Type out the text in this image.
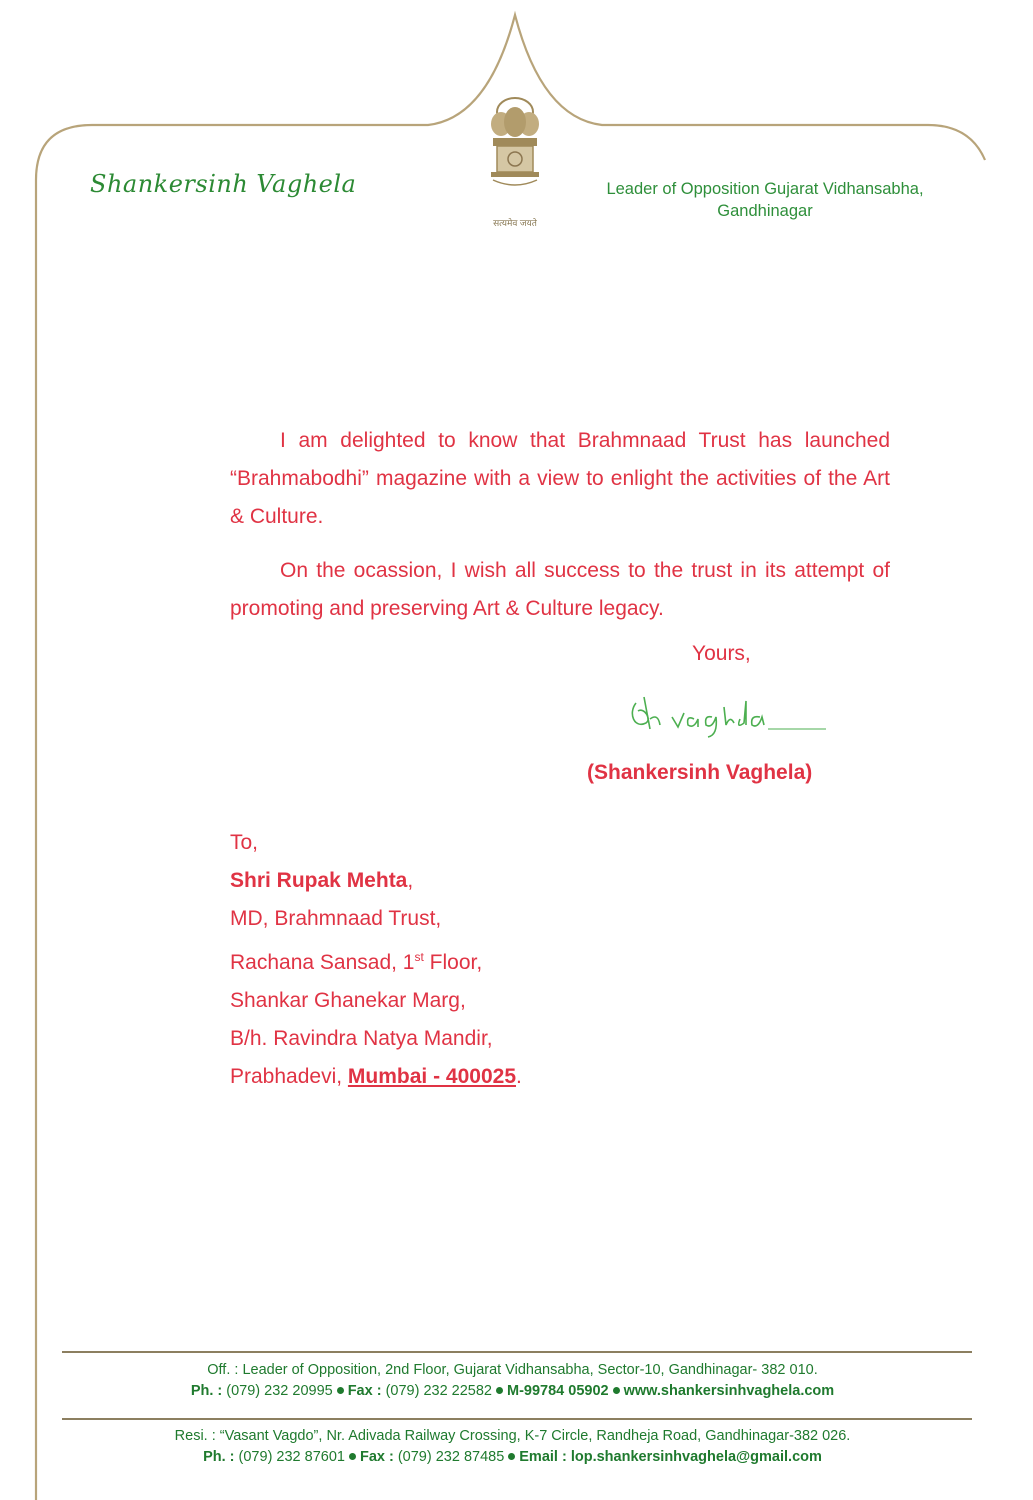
Shankersinh Vaghela	Leader of Opposition Gujarat Vidhansabha,
Gandhinagar
सत्यमेव जयते
I am delighted to know that Brahmnaad Trust has launched “Brahmabodhi” magazine with a view to enlight the activities of the Art & Culture.
On the ocassion, I wish all success to the trust in its attempt of promoting and preserving Art & Culture legacy.
Yours,
(Shankersinh Vaghela)
To,
Shri Rupak Mehta,
MD, Brahmnaad Trust,
Rachana Sansad, 1st Floor,
Shankar Ghanekar Marg,
B/h. Ravindra Natya Mandir,
Prabhadevi, Mumbai - 400025.
Off. : Leader of Opposition, 2nd Floor, Gujarat Vidhansabha, Sector-10, Gandhinagar- 382 010.
Ph. : (079) 232 20995 Fax : (079) 232 22582 M-99784 05902 www.shankersinhvaghela.com
Resi. : “Vasant Vagdo”, Nr. Adivada Railway Crossing, K-7 Circle, Randheja Road, Gandhinagar-382 026.
Ph. : (079) 232 87601 Fax : (079) 232 87485 Email : lop.shankersinhvaghela@gmail.com
